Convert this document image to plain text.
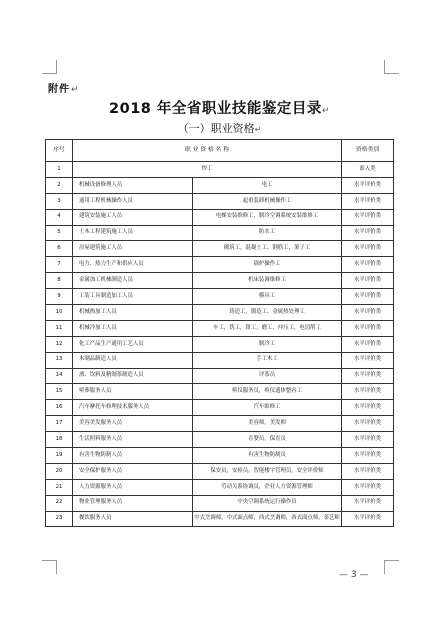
附件↵
2018 年全省职业技能鉴定目录↵
（一）职业资格↵
序号	职 业 资 格 名 称		资格类别
1	焊工		准入类
2	机械设备修理人员	电工	水平评价类
3	通用工程机械操作人员	起重装卸机械操作工	水平评价类
4	建筑安装施工人员	电梯安装维修工，制冷空调系统安装维修工	水平评价类
5	土木工程建筑施工人员	防水工	水平评价类
6	房屋建筑施工人员	砌筑工，混凝土工，钢筋工，架子工	水平评价类
7	电力、热力生产和供应人员	锅炉操作工	水平评价类
8	金属加工机械制造人员	机床装调维修工	水平评价类
9	工装工具制造加工人员	模具工	水平评价类
10	机械热加工人员	铸造工，锻造工，金属热处理工	水平评价类
11	机械冷加工人员	车工，铣工，钳工，磨工，冲压工，电切削工	水平评价类
12	化工产品生产通用工艺人员	制冷工	水平评价类
13	木制品制造人员	手工木工	水平评价类
14	酒、饮料及精制茶制造人员	评茶员	水平评价类
15	殡葬服务人员	殡仪服务员，殡仪遗体整容工	水平评价类
16	汽车摩托车修理技术服务人员	汽车维修工	水平评价类
17	美容美发服务人员	美容师，美发师	水平评价类
18	生活照料服务人员	育婴员，保育员	水平评价类
19	有害生物防制人员	有害生物防制员	水平评价类
20	安全保护服务人员	保安员，安检员，智能楼宇管理员，安全评价师	水平评价类
21	人力资源服务人员	劳动关系协调员，企业人力资源管理师	水平评价类
22	物业管理服务人员	中央空调系统运行操作员	水平评价类
23	餐饮服务人员	中式烹调师，中式面点师，西式烹调师，西式面点师，茶艺师	水平评价类
— 3 —
